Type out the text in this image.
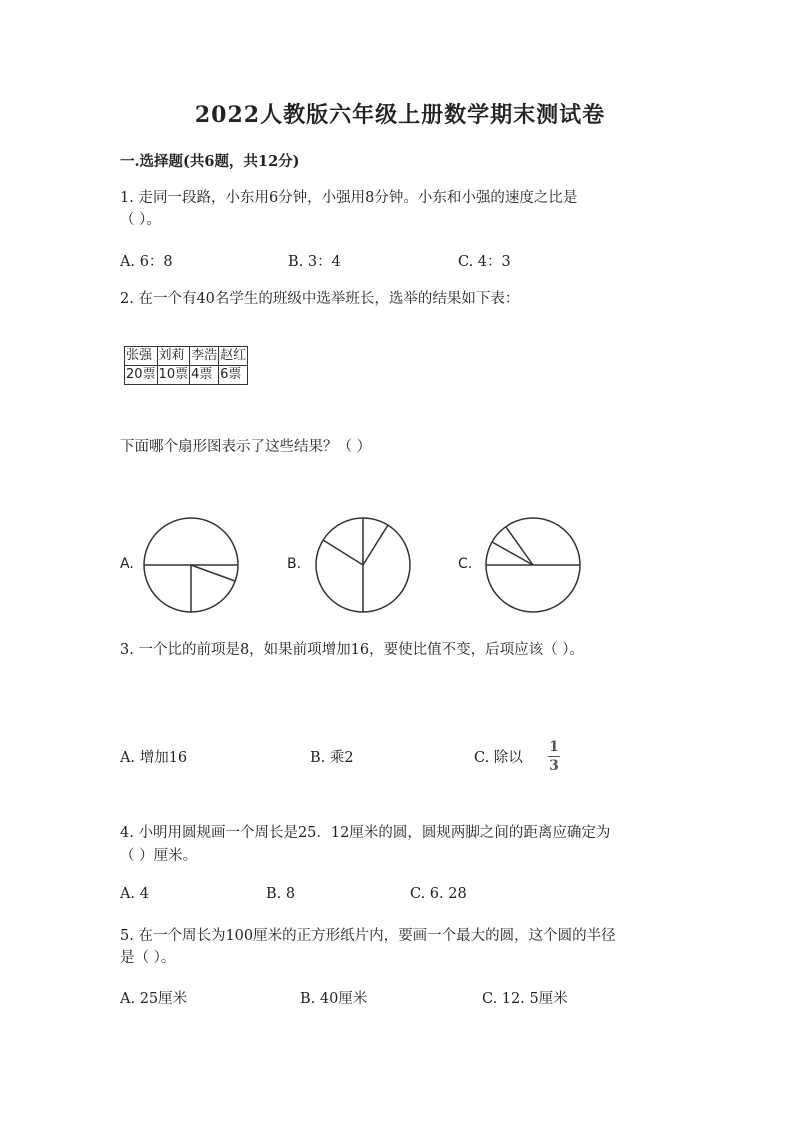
2022人教版六年级上册数学期末测试卷
一.选择题(共6题，共12分)
1. 走同一段路，小东用6分钟，小强用8分钟。小东和小强的速度之比是
（ ）。
A. 6：8	B. 3：4	C. 4：3
2. 在一个有40名学生的班级中选举班长，选举的结果如下表：
张强	刘莉	李浩	赵红
20票	10票	4票	6票
下面哪个扇形图表示了这些结果？（ ）
A.	B.	C.
3. 一个比的前项是8，如果前项增加16，要使比值不变，后项应该（ ）。
A. 增加16	B. 乘2	C. 除以
1
3
4. 小明用圆规画一个周长是25．12厘米的圆，圆规两脚之间的距离应确定为
（ ）厘米。
A. 4	B. 8	C. 6. 28
5. 在一个周长为100厘米的正方形纸片内，要画一个最大的圆，这个圆的半径
是（ ）。
A. 25厘米	B. 40厘米	C. 12. 5厘米
